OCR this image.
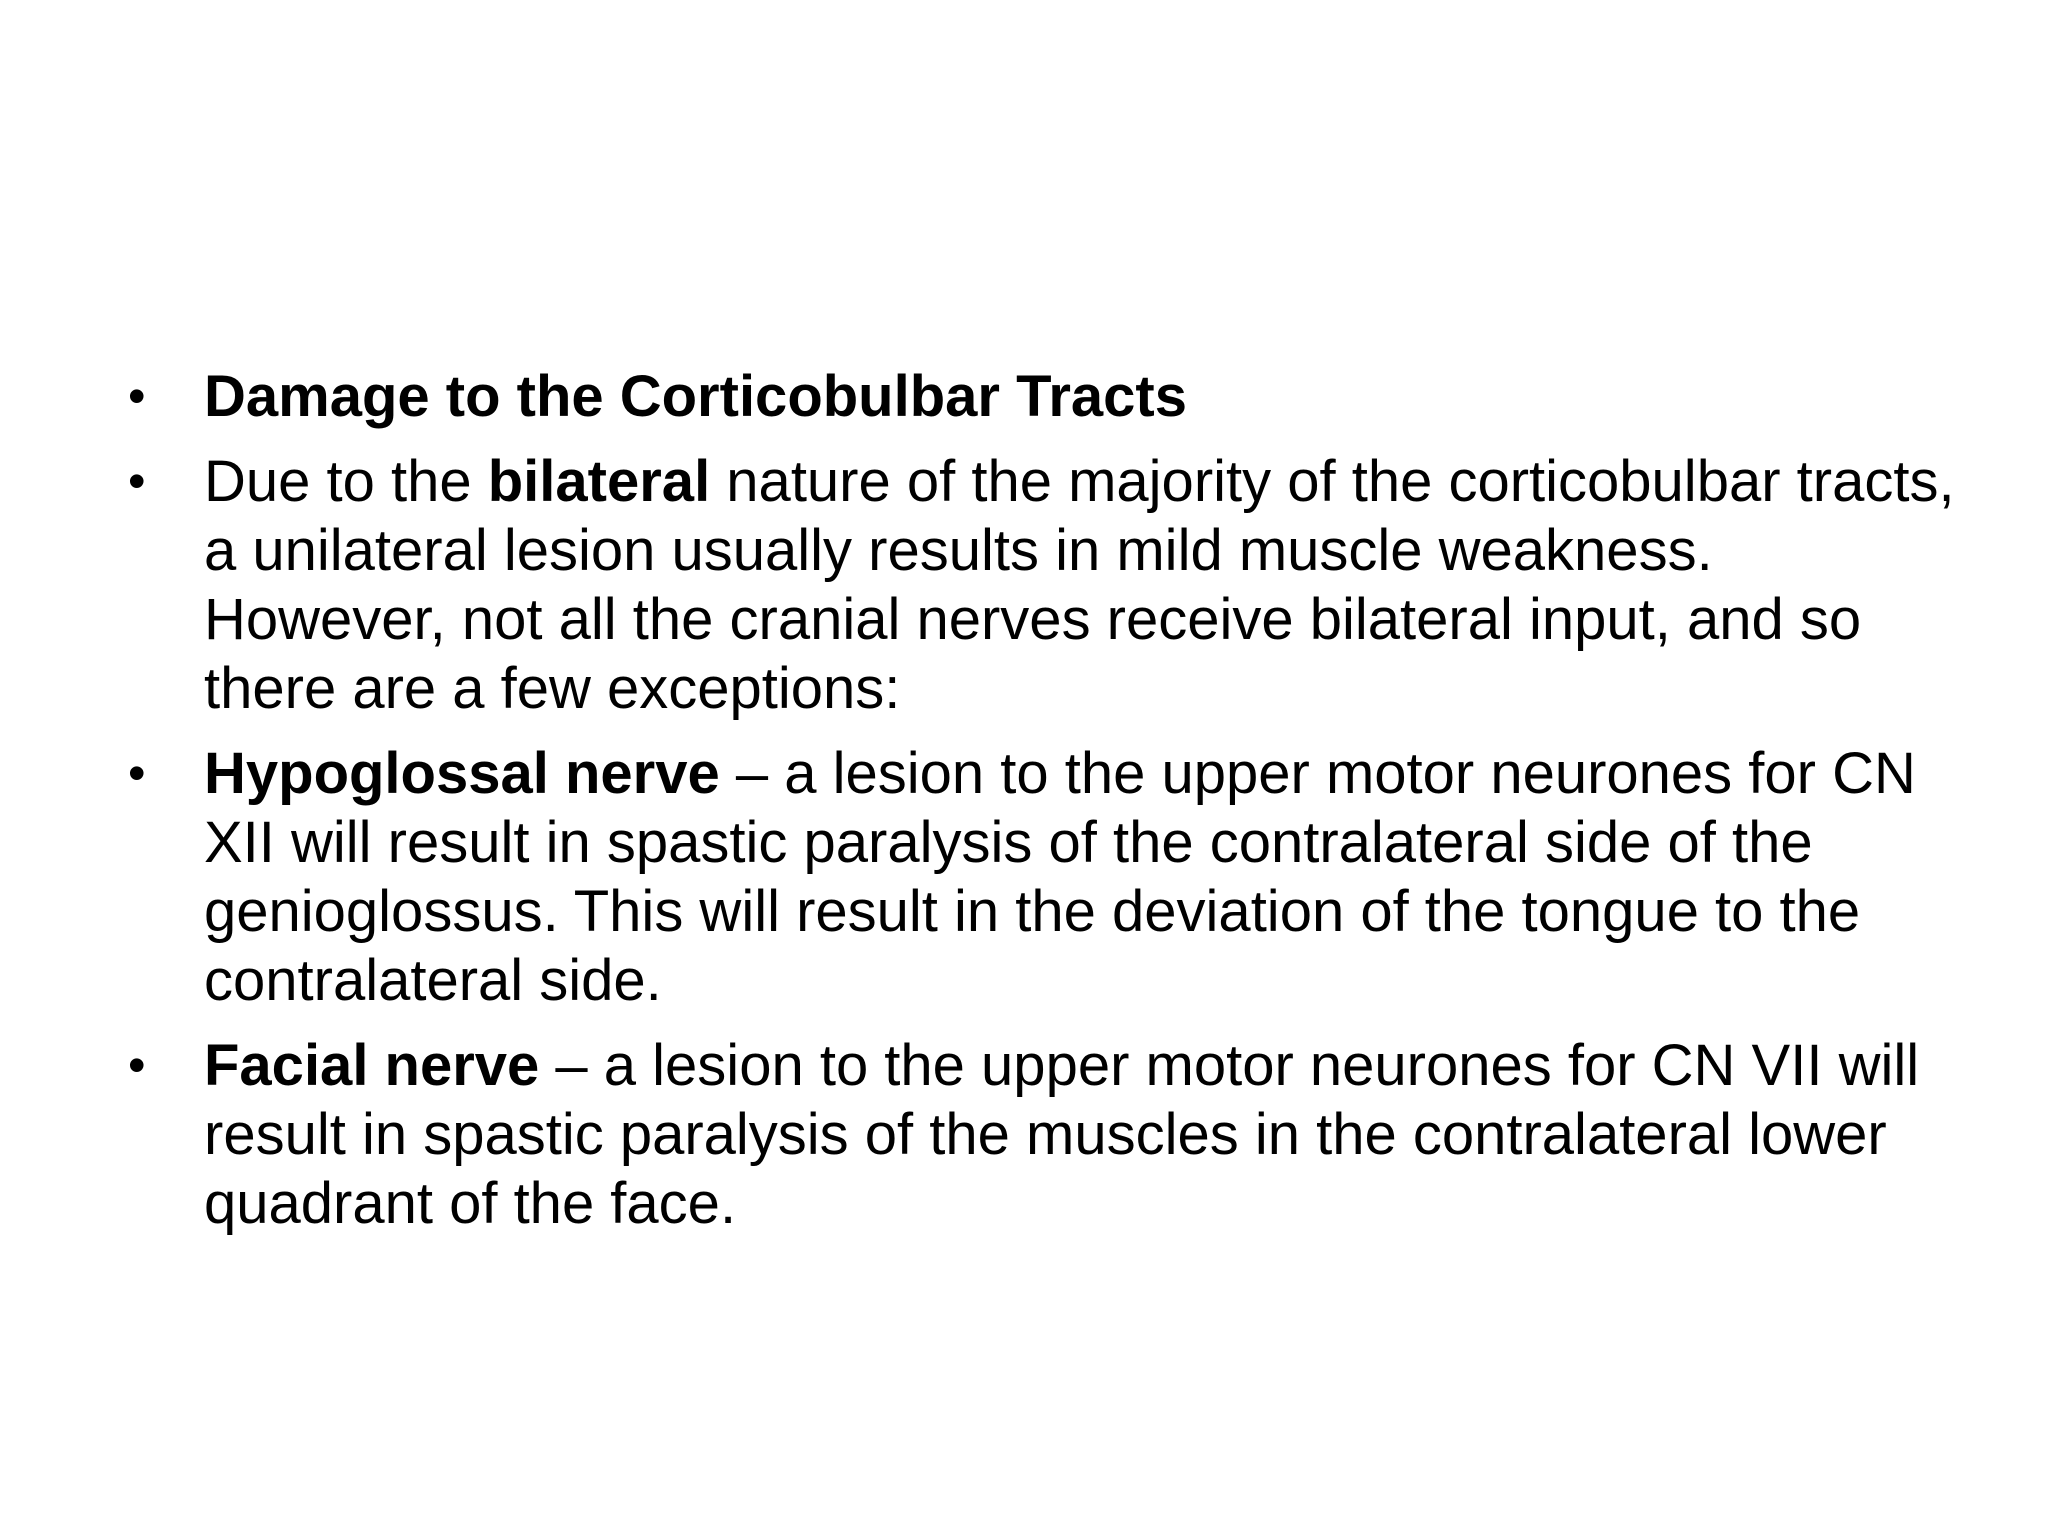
• Damage to the Corticobulbar Tracts
• Due to the bilateral nature of the majority of the corticobulbar tracts, a unilateral lesion usually results in mild muscle weakness. However, not all the cranial nerves receive bilateral input, and so there are a few exceptions:
• Hypoglossal nerve – a lesion to the upper motor neurones for CN XII will result in spastic paralysis of the contralateral side of the genioglossus. This will result in the deviation of the tongue to the contralateral side.
• Facial nerve – a lesion to the upper motor neurones for CN VII will result in spastic paralysis of the muscles in the contralateral lower quadrant of the face.
